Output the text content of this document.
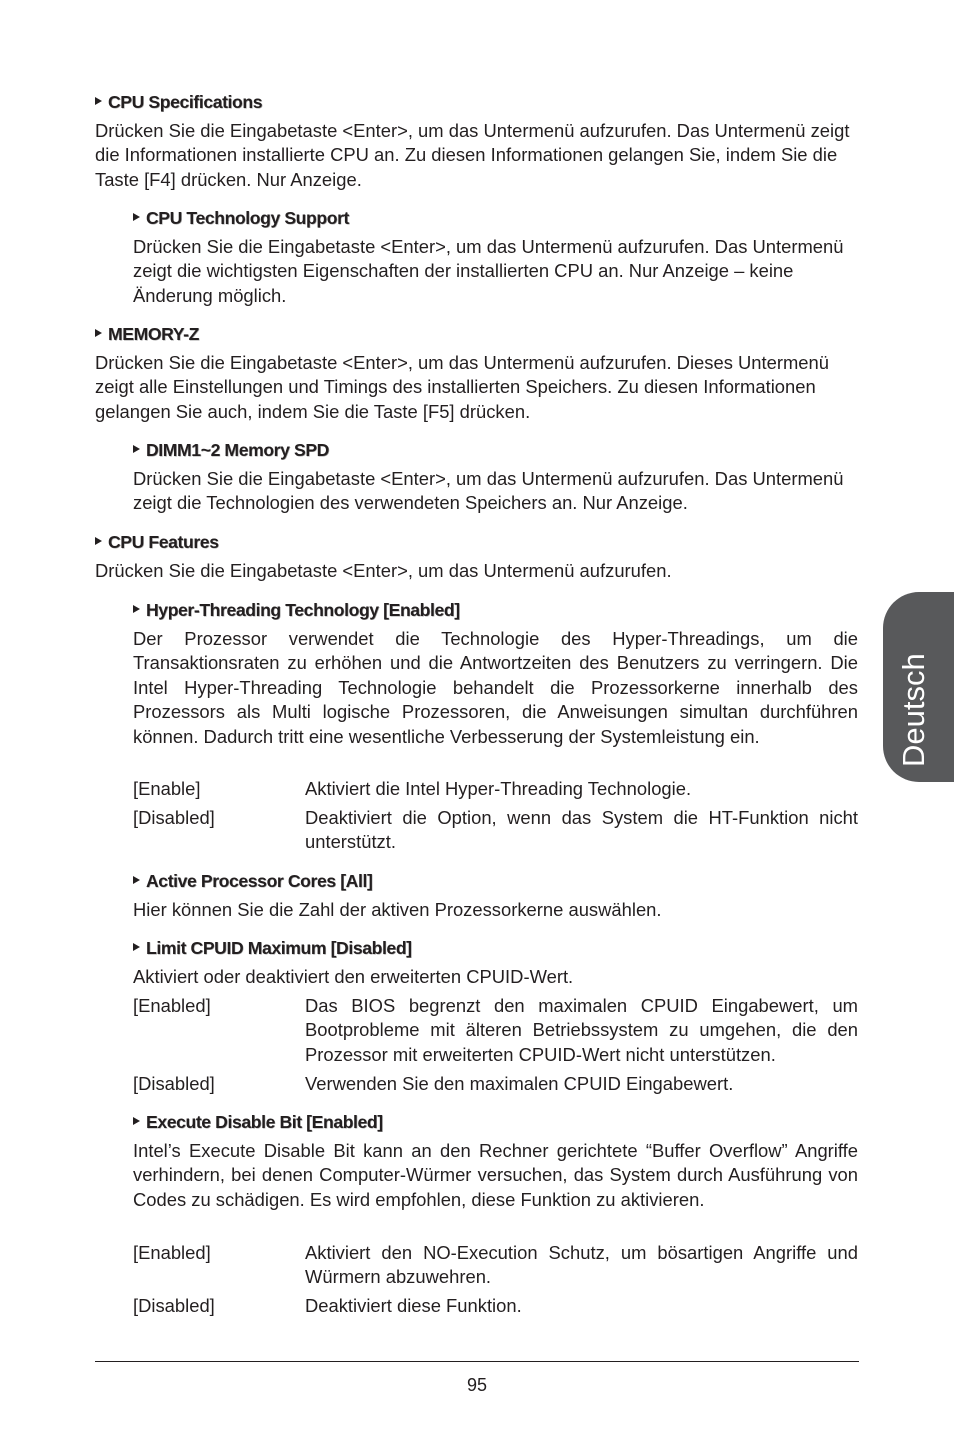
CPU Specifications

Drücken Sie die Eingabetaste <Enter>, um das Untermenü aufzurufen. Das Untermenü zeigt die Informationen installierte CPU an. Zu diesen Informationen gelangen Sie, indem Sie die Taste [F4] drücken. Nur Anzeige.

CPU Technology Support

Drücken Sie die Eingabetaste <Enter>, um das Untermenü aufzurufen. Das Untermenü zeigt die wichtigsten Eigenschaften der installierten CPU an. Nur Anzeige – keine Änderung möglich.

MEMORY-Z

Drücken Sie die Eingabetaste <Enter>, um das Untermenü aufzurufen. Dieses Untermenü zeigt alle Einstellungen und Timings des installierten Speichers. Zu diesen Informationen gelangen Sie auch, indem Sie die Taste [F5] drücken.

DIMM1~2 Memory SPD

Drücken Sie die Eingabetaste <Enter>, um das Untermenü aufzurufen. Das Untermenü zeigt die Technologien des verwendeten Speichers an. Nur Anzeige.

CPU Features

Drücken Sie die Eingabetaste <Enter>, um das Untermenü aufzurufen.

Hyper-Threading Technology [Enabled]

Der Prozessor verwendet die Technologie des Hyper-Threadings, um die Transaktionsraten zu erhöhen und die Antwortzeiten des Benutzers zu verringern. Die Intel Hyper-Threading Technologie behandelt die Prozessorkerne innerhalb des Prozessors als Multi logische Prozessoren, die Anweisungen simultan durchführen können. Dadurch tritt eine wesentliche Verbesserung der Systemleistung ein.

[Enable]	Aktiviert die Intel Hyper-Threading Technologie.
[Disabled]	Deaktiviert die Option, wenn das System die HT-Funktion nicht unterstützt.
Active Processor Cores [All]

Hier können Sie die Zahl der aktiven Prozessorkerne auswählen.

Limit CPUID Maximum [Disabled]

Aktiviert oder deaktiviert den erweiterten CPUID-Wert.

[Enabled]	Das BIOS begrenzt den maximalen CPUID Eingabewert, um Bootprobleme mit älteren Betriebssystem zu umgehen, die den Prozessor mit erweiterten CPUID-Wert nicht unterstützen.
[Disabled]	Verwenden Sie den maximalen CPUID Eingabewert.
Execute Disable Bit [Enabled]

Intel’s Execute Disable Bit kann an den Rechner gerichtete “Buffer Overflow” Angriffe verhindern, bei denen Computer-Würmer versuchen, das System durch Ausführung von Codes zu schädigen. Es wird empfohlen, diese Funktion zu aktivieren.

[Enabled]	Aktiviert den NO-Execution Schutz, um bösartigen Angriffe und Würmern abzuwehren.
[Disabled]	Deaktiviert diese Funktion.
Deutsch
95
